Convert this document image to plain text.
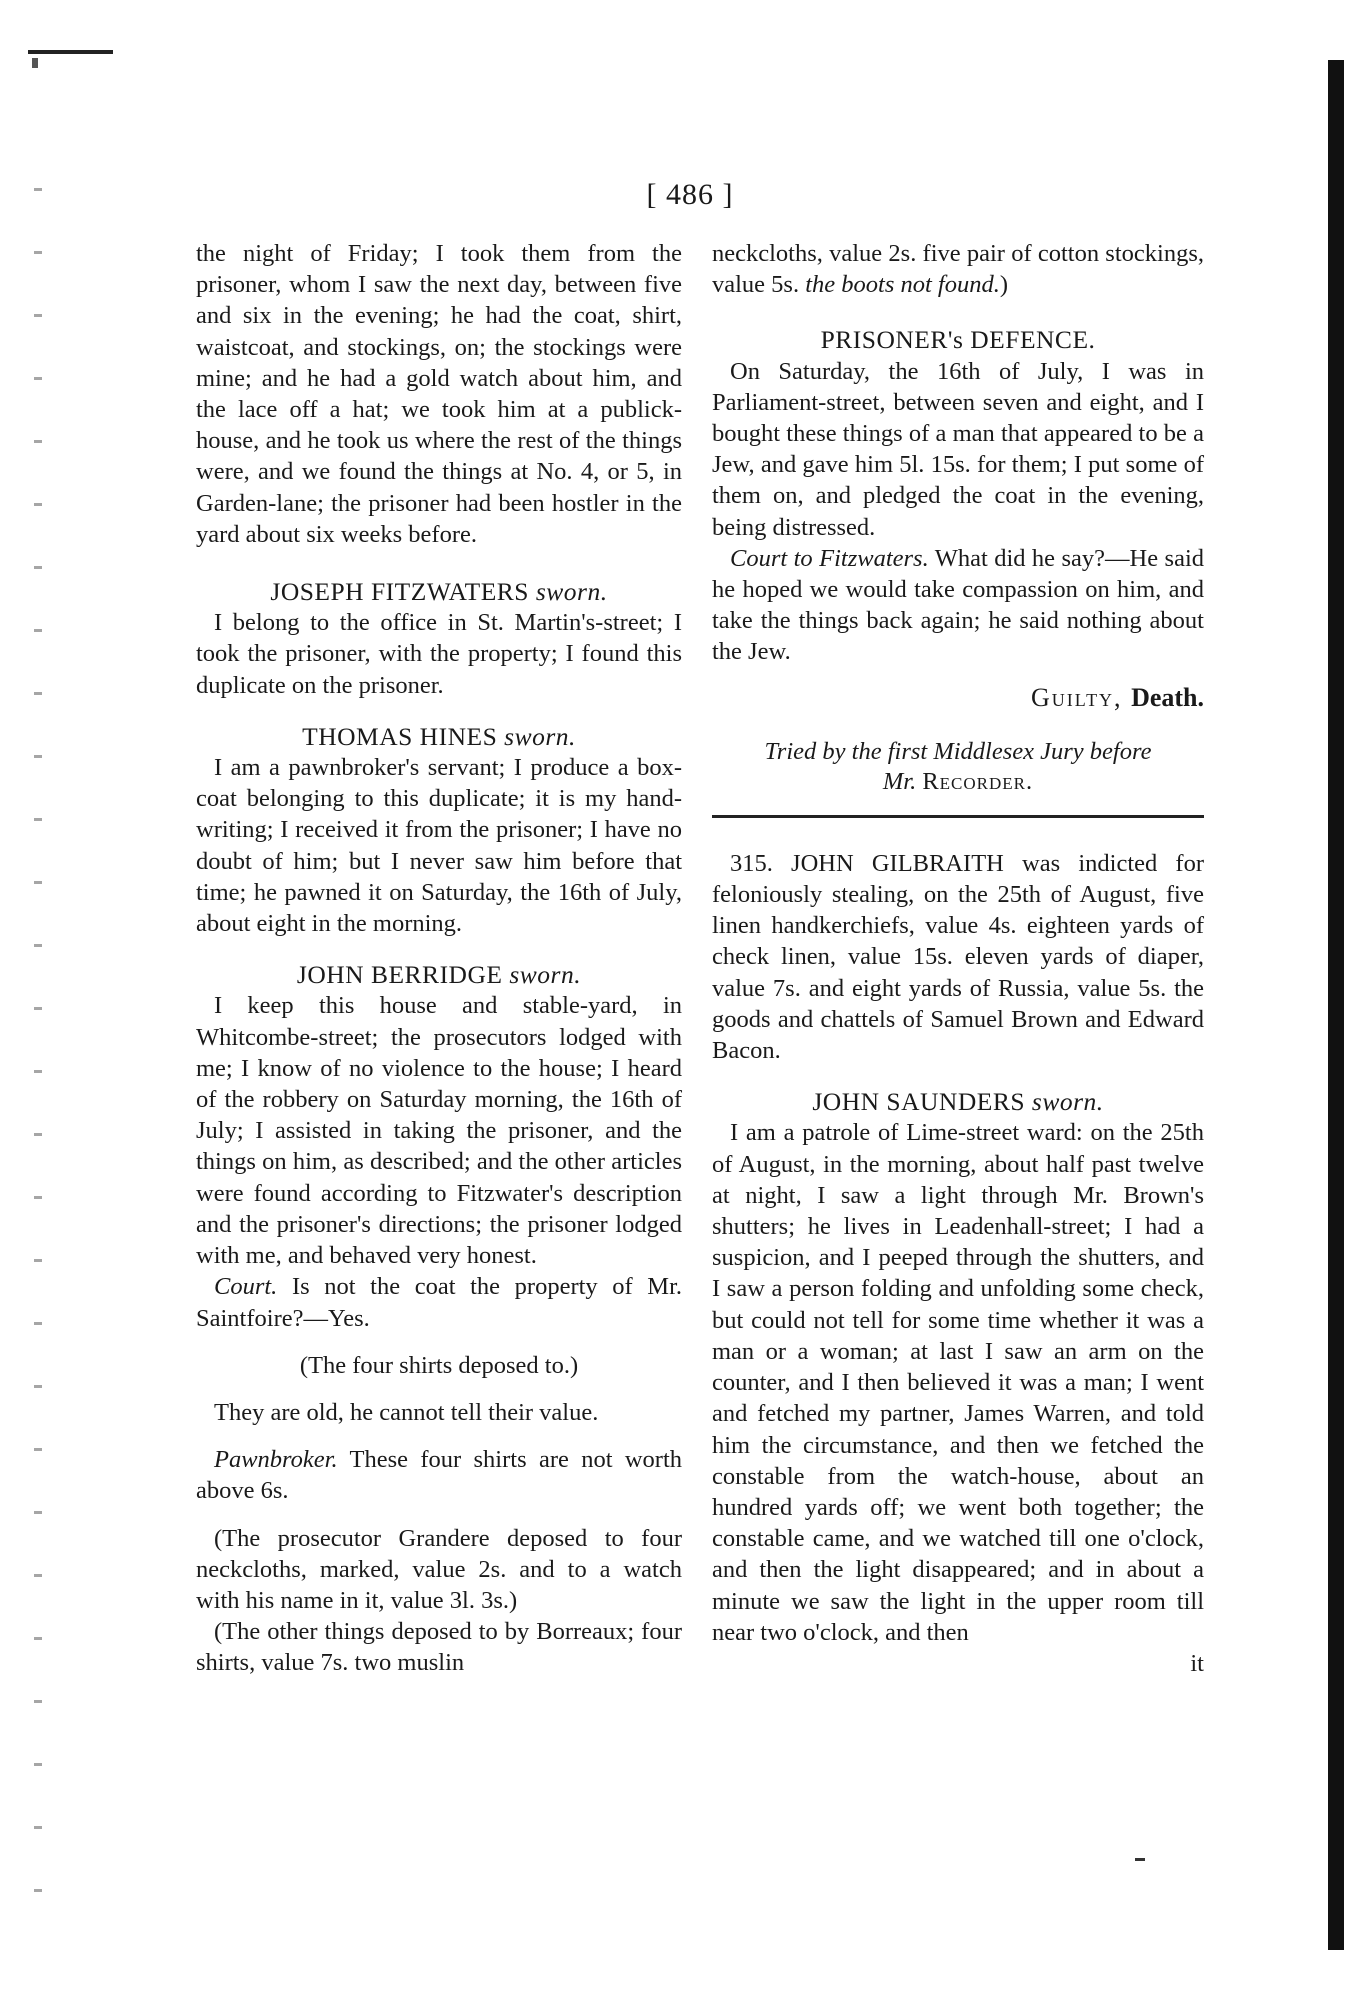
[ 486 ]

the night of Friday; I took them from the prisoner, whom I saw the next day, between five and six in the evening; he had the coat, shirt, waistcoat, and stockings, on; the stockings were mine; and he had a gold watch about him, and the lace off a hat; we took him at a publick-house, and he took us where the rest of the things were, and we found the things at No. 4, or 5, in Garden-lane; the prisoner had been hostler in the yard about six weeks before.

JOSEPH FITZWATERS sworn.

I belong to the office in St. Martin's-street; I took the prisoner, with the property; I found this duplicate on the prisoner.

THOMAS HINES sworn.

I am a pawnbroker's servant; I produce a box-coat belonging to this duplicate; it is my hand-writing; I received it from the prisoner; I have no doubt of him; but I never saw him before that time; he pawned it on Saturday, the 16th of July, about eight in the morning.

JOHN BERRIDGE sworn.

I keep this house and stable-yard, in Whitcombe-street; the prosecutors lodged with me; I know of no violence to the house; I heard of the robbery on Saturday morning, the 16th of July; I assisted in taking the prisoner, and the things on him, as described; and the other articles were found according to Fitzwater's description and the prisoner's directions; the prisoner lodged with me, and behaved very honest.

Court. Is not the coat the property of Mr. Saintfoire?—Yes.

(The four shirts deposed to.)

They are old, he cannot tell their value.

Pawnbroker. These four shirts are not worth above 6s.

(The prosecutor Grandere deposed to four neckcloths, marked, value 2s. and to a watch with his name in it, value 3l. 3s.)

(The other things deposed to by Borreaux; four shirts, value 7s. two muslin

neckcloths, value 2s. five pair of cotton stockings, value 5s. the boots not found.)

PRISONER's DEFENCE.

On Saturday, the 16th of July, I was in Parliament-street, between seven and eight, and I bought these things of a man that appeared to be a Jew, and gave him 5l. 15s. for them; I put some of them on, and pledged the coat in the evening, being distressed.

Court to Fitzwaters. What did he say?—He said he hoped we would take compassion on him, and take the things back again; he said nothing about the Jew.

Guilty, Death.
Tried by the first Middlesex Jury before
Mr. Recorder.

315. JOHN GILBRAITH was indicted for feloniously stealing, on the 25th of August, five linen handkerchiefs, value 4s. eighteen yards of check linen, value 15s. eleven yards of diaper, value 7s. and eight yards of Russia, value 5s. the goods and chattels of Samuel Brown and Edward Bacon.

JOHN SAUNDERS sworn.

I am a patrole of Lime-street ward: on the 25th of August, in the morning, about half past twelve at night, I saw a light through Mr. Brown's shutters; he lives in Leadenhall-street; I had a suspicion, and I peeped through the shutters, and I saw a person folding and unfolding some check, but could not tell for some time whether it was a man or a woman; at last I saw an arm on the counter, and I then believed it was a man; I went and fetched my partner, James Warren, and told him the circumstance, and then we fetched the constable from the watch-house, about an hundred yards off; we went both together; the constable came, and we watched till one o'clock, and then the light disappeared; and in about a minute we saw the light in the upper room till near two o'clock, and then

it
